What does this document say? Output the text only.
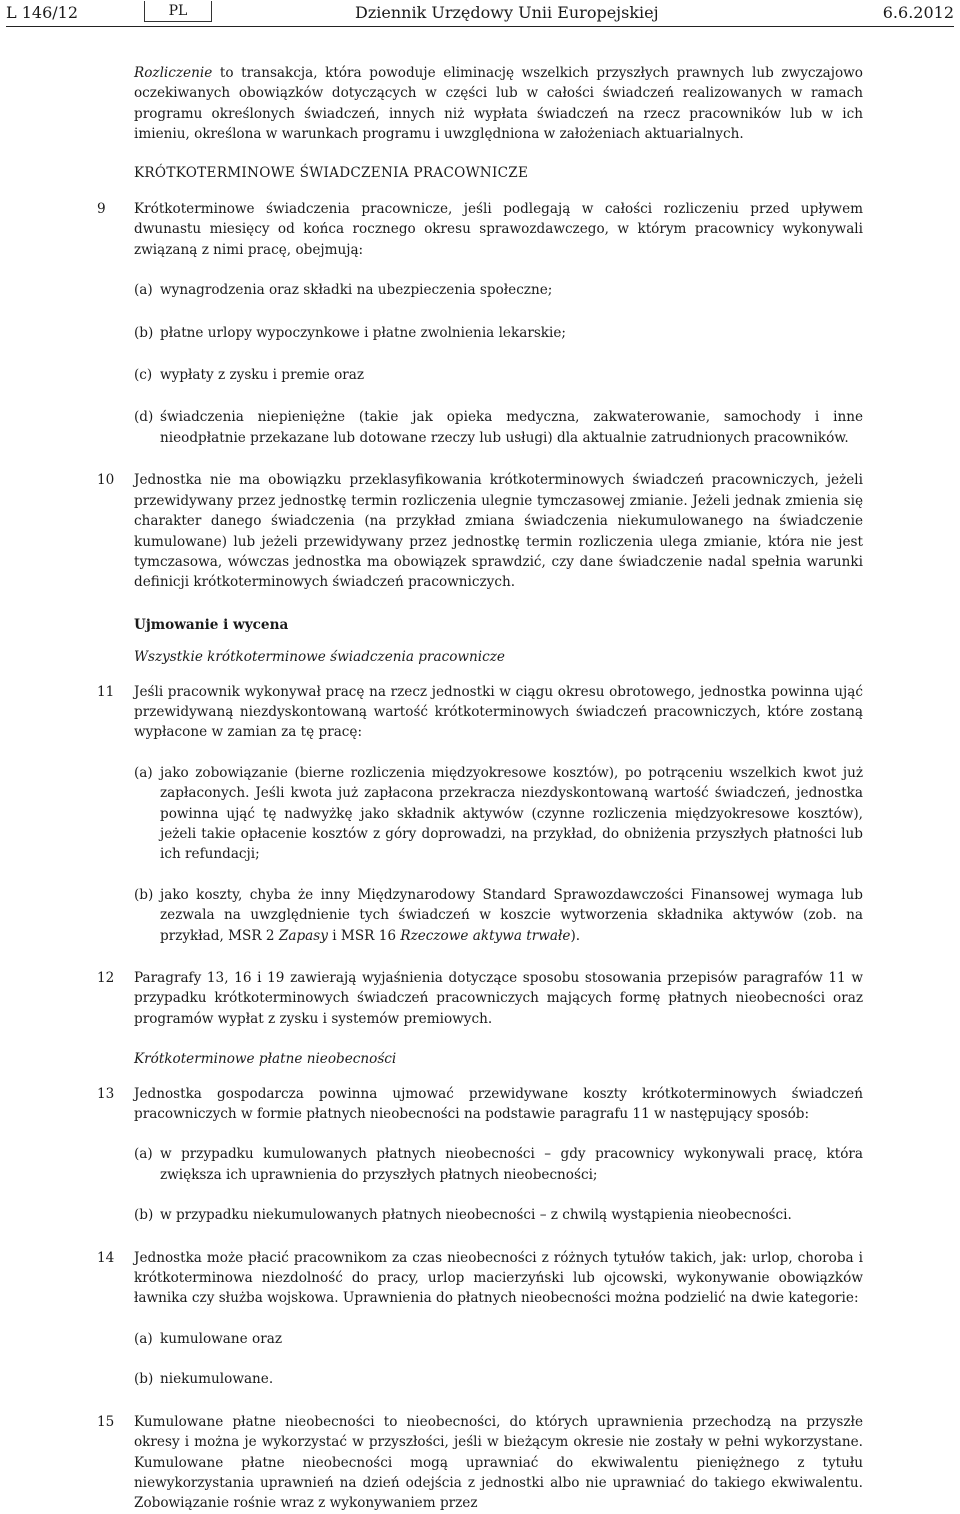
L 146/12	PL	Dziennik Urzędowy Unii Europejskiej	6.6.2012

Rozliczenie to transakcja, która powoduje eliminację wszelkich przyszłych prawnych lub zwyczajowo oczekiwanych obowiązków dotyczących w części lub w całości świadczeń realizowanych w ramach programu określonych świadczeń, innych niż wypłata świadczeń na rzecz pracowników lub w ich imieniu, określona w warunkach programu i uwzględniona w założeniach aktuarialnych.

KRÓTKOTERMINOWE ŚWIADCZENIA PRACOWNICZE

9 Krótkoterminowe świadczenia pracownicze, jeśli podlegają w całości rozliczeniu przed upływem dwunastu miesięcy od końca rocznego okresu sprawozdawczego, w którym pracownicy wykonywali związaną z nimi pracę, obejmują:

(a) wynagrodzenia oraz składki na ubezpieczenia społeczne;

(b) płatne urlopy wypoczynkowe i płatne zwolnienia lekarskie;

(c) wypłaty z zysku i premie oraz

(d) świadczenia niepieniężne (takie jak opieka medyczna, zakwaterowanie, samochody i inne nieodpłatnie przekazane lub dotowane rzeczy lub usługi) dla aktualnie zatrudnionych pracowników.

10 Jednostka nie ma obowiązku przeklasyfikowania krótkoterminowych świadczeń pracowniczych, jeżeli przewidywany przez jednostkę termin rozliczenia ulegnie tymczasowej zmianie. Jeżeli jednak zmienia się charakter danego świadczenia (na przykład zmiana świadczenia niekumulowanego na świadczenie kumulowane) lub jeżeli przewidywany przez jednostkę termin rozliczenia ulega zmianie, która nie jest tymczasowa, wówczas jednostka ma obowiązek sprawdzić, czy dane świadczenie nadal spełnia warunki definicji krótkoterminowych świadczeń pracowniczych.

Ujmowanie i wycena

Wszystkie krótkoterminowe świadczenia pracownicze

11 Jeśli pracownik wykonywał pracę na rzecz jednostki w ciągu okresu obrotowego, jednostka powinna ująć przewidywaną niezdyskontowaną wartość krótkoterminowych świadczeń pracowniczych, które zostaną wypłacone w zamian za tę pracę:

(a) jako zobowiązanie (bierne rozliczenia międzyokresowe kosztów), po potrąceniu wszelkich kwot już zapłaconych. Jeśli kwota już zapłacona przekracza niezdyskontowaną wartość świadczeń, jednostka powinna ująć tę nadwyżkę jako składnik aktywów (czynne rozliczenia międzyokresowe kosztów), jeżeli takie opłacenie kosztów z góry doprowadzi, na przykład, do obniżenia przyszłych płatności lub ich refundacji;

(b) jako koszty, chyba że inny Międzynarodowy Standard Sprawozdawczości Finansowej wymaga lub zezwala na uwzględnienie tych świadczeń w koszcie wytworzenia składnika aktywów (zob. na przykład, MSR 2 Zapasy i MSR 16 Rzeczowe aktywa trwałe).

12 Paragrafy 13, 16 i 19 zawierają wyjaśnienia dotyczące sposobu stosowania przepisów paragrafów 11 w przypadku krótkoterminowych świadczeń pracowniczych mających formę płatnych nieobecności oraz programów wypłat z zysku i systemów premiowych.

Krótkoterminowe płatne nieobecności

13 Jednostka gospodarcza powinna ujmować przewidywane koszty krótkoterminowych świadczeń pracowniczych w formie płatnych nieobecności na podstawie paragrafu 11 w następujący sposób:

(a) w przypadku kumulowanych płatnych nieobecności – gdy pracownicy wykonywali pracę, która zwiększa ich uprawnienia do przyszłych płatnych nieobecności;

(b) w przypadku niekumulowanych płatnych nieobecności – z chwilą wystąpienia nieobecności.

14 Jednostka może płacić pracownikom za czas nieobecności z różnych tytułów takich, jak: urlop, choroba i krótkoterminowa niezdolność do pracy, urlop macierzyński lub ojcowski, wykonywanie obowiązków ławnika czy służba wojskowa. Uprawnienia do płatnych nieobecności można podzielić na dwie kategorie:

(a) kumulowane oraz

(b) niekumulowane.

15 Kumulowane płatne nieobecności to nieobecności, do których uprawnienia przechodzą na przyszłe okresy i można je wykorzystać w przyszłości, jeśli w bieżącym okresie nie zostały w pełni wykorzystane. Kumulowane płatne nieobecności mogą uprawniać do ekwiwalentu pieniężnego z tytułu niewykorzystania uprawnień na dzień odejścia z jednostki albo nie uprawniać do takiego ekwiwalentu. Zobowiązanie rośnie wraz z wykonywaniem przez
